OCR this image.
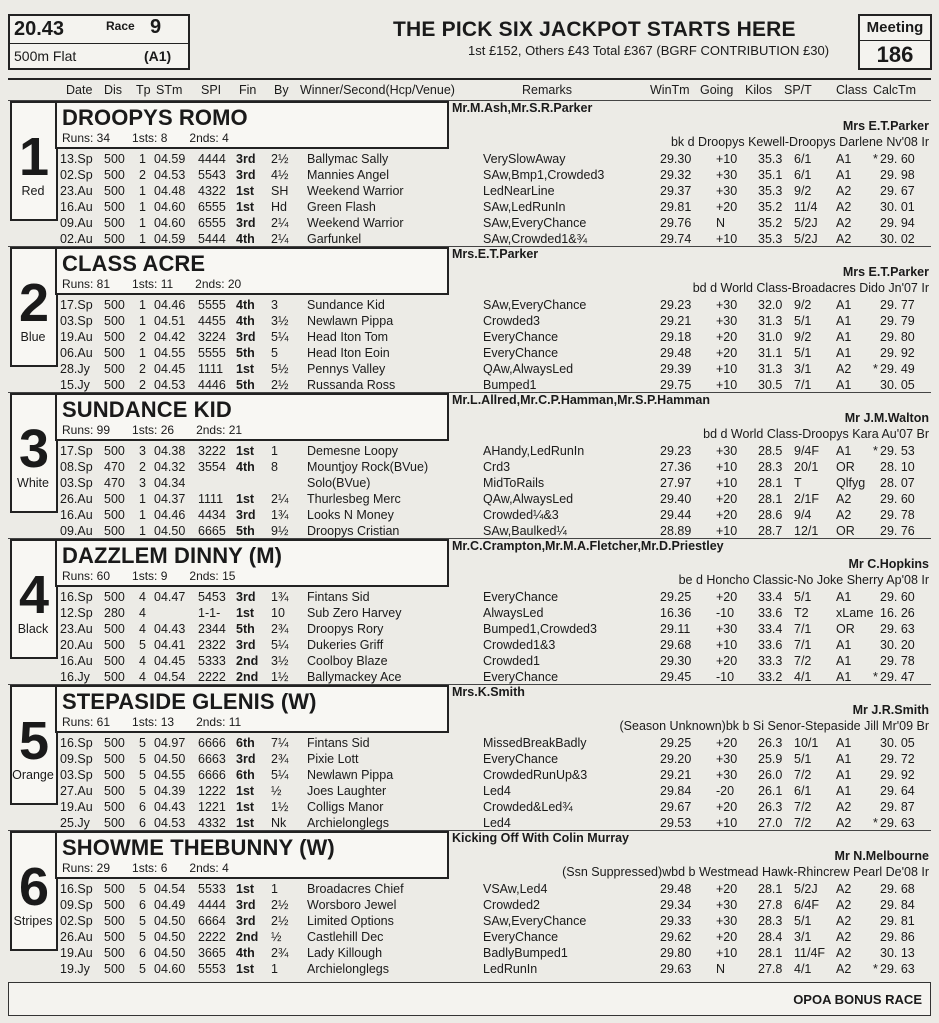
20.43	Race 9
500m Flat	(A1)
THE PICK SIX JACKPOT STARTS HERE
1st £152, Others £43 Total £367 (BGRF CONTRIBUTION £30)
Meeting
186
Date Dis Tp STm SPI Fin By Winner/Second(Hcp/Venue)	Remarks	WinTm Going Kilos SP/T Class CalcTm
1
DROOPYS ROMO
Runs: 34 1sts: 8 2nds: 4
Mr.M.Ash,Mr.S.R.Parker
Mrs E.T.Parker
bk d Droopys Kewell-Droopys Darlene Nv'08 Ir
Red
13.Sp 500 1 04.59 4444 3rd 2½ Ballymac Sally	VerySlowAway	29.30 +10 35.3 6/1 A1 * 29. 60
02.Sp 500 2 04.53 5543 3rd 4½ Mannies Angel	SAw,Bmp1,Crowded3	29.32 +30 35.1 6/1 A1 29. 98
23.Au 500 1 04.48 4322 1st SH Weekend Warrior	LedNearLine	29.37 +30 35.3 9/2 A2 29. 67
16.Au 500 1 04.60 6555 1st Hd Green Flash	SAw,LedRunIn	29.81 +20 35.2 11/4 A2 30. 01
09.Au 500 1 04.60 6555 3rd 2¼ Weekend Warrior	SAw,EveryChance	29.76 N	35.2 5/2J A2 29. 94
02.Au 500 1 04.59 5444 4th 2¼ Garfunkel	SAw,Crowded1&¾	29.74 +10 35.3 5/2J A2 30. 02
2
CLASS ACRE
Runs: 81 1sts: 11 2nds: 20
Mrs.E.T.Parker
Mrs E.T.Parker
bd d World Class-Broadacres Dido Jn'07 Ir
Blue
17.Sp 500 1 04.46 5555 4th 3 Sundance Kid	SAw,EveryChance	29.23 +30 32.0 9/2 A1 29. 77
03.Sp 500 1 04.51 4455 4th 3½ Newlawn Pippa	Crowded3	29.21 +30 31.3 5/1 A1 29. 79
19.Au 500 2 04.42 3224 3rd 5¼ Head Iton Tom	EveryChance	29.18 +20 31.0 9/2 A1 29. 80
06.Au 500 1 04.55 5555 5th 5 Head Iton Eoin	EveryChance	29.48 +20 31.1 5/1 A1 29. 92
28.Jy 500 2 04.45 1111 1st 5½ Pennys Valley	QAw,AlwaysLed	29.39 +10 31.3 3/1 A2 * 29. 49
15.Jy 500 2 04.53 4446 5th 2½ Russanda Ross	Bumped1	29.75 +10 30.5 7/1 A1 30. 05
3
SUNDANCE KID
Runs: 99 1sts: 26 2nds: 21
Mr.L.Allred,Mr.C.P.Hamman,Mr.S.P.Hamman
Mr J.M.Walton
bd d World Class-Droopys Kara Au'07 Br
White
17.Sp 500 3 04.38 3222 1st 1 Demesne Loopy	AHandy,LedRunIn	29.23 +30 28.5 9/4F A1 * 29. 53
08.Sp 470 2 04.32 3554 4th 8 Mountjoy Rock(BVue)	Crd3	27.36 +10 28.3 20/1 OR 28. 10
03.Sp 470 3 04.34	Solo(BVue)	MidToRails	27.97 +10 28.1 T	Qlfyg 28. 07
26.Au 500 1 04.37 1111 1st 2¼ Thurlesbeg Merc	QAw,AlwaysLed	29.40 +20 28.1 2/1F A2 29. 60
16.Au 500 1 04.46 4434 3rd 1¾ Looks N Money	Crowded¼&3	29.44 +20 28.6 9/4 A2 29. 78
09.Au 500 1 04.50 6665 5th 9½ Droopys Cristian	SAw,Baulked¼	28.89 +10 28.7 12/1 OR 29. 76
4
DAZZLEM DINNY (M)
Runs: 60 1sts: 9 2nds: 15
Mr.C.Crampton,Mr.M.A.Fletcher,Mr.D.Priestley
Mr C.Hopkins
be d Honcho Classic-No Joke Sherry Ap'08 Ir
Black
16.Sp 500 4 04.47 5453 3rd 1¾ Fintans Sid	EveryChance	29.25 +20 33.4 5/1 A1 29. 60
12.Sp 280 4	1-1- 1st 10 Sub Zero Harvey	AlwaysLed	16.36 -10 33.6 T2 xLame 16. 26
23.Au 500 4 04.43 2344 5th 2¾ Droopys Rory	Bumped1,Crowded3	29.11 +30 33.4 7/1 OR 29. 63
20.Au 500 5 04.41 2322 3rd 5¼ Dukeries Griff	Crowded1&3	29.68 +10 33.6 7/1 A1 30. 20
16.Au 500 4 04.45 5333 2nd 3½ Coolboy Blaze	Crowded1	29.30 +20 33.3 7/2 A1 29. 78
16.Jy 500 4 04.54 2222 2nd 1½ Ballymackey Ace	EveryChance	29.45 -10 33.2 4/1 A1 * 29. 47
5
STEPASIDE GLENIS (W)
Runs: 61 1sts: 13 2nds: 11
Mrs.K.Smith
Mr J.R.Smith
(Season Unknown)bk b Si Senor-Stepaside Jill Mr'09 Br
Orange
16.Sp 500 5 04.97 6666 6th 7¼ Fintans Sid	MissedBreakBadly	29.25 +20 26.3 10/1 A1 30. 05
09.Sp 500 5 04.50 6663 3rd 2¾ Pixie Lott	EveryChance	29.20 +30 25.9 5/1 A1 29. 72
03.Sp 500 5 04.55 6666 6th 5¼ Newlawn Pippa	CrowdedRunUp&3	29.21 +30 26.0 7/2 A1 29. 92
27.Au 500 5 04.39 1222 1st ½ Joes Laughter	Led4	29.84 -20 26.1 6/1 A1 29. 64
19.Au 500 6 04.43 1221 1st 1½ Colligs Manor	Crowded&Led¾	29.67 +20 26.3 7/2 A2 29. 87
25.Jy 500 6 04.53 4332 1st Nk Archielonglegs	Led4	29.53 +10 27.0 7/2 A2 * 29. 63
6
SHOWME THEBUNNY (W)
Runs: 29 1sts: 6 2nds: 4
Kicking Off With Colin Murray
Mr N.Melbourne
(Ssn Suppressed)wbd b Westmead Hawk-Rhincrew Pearl De'08 Ir
Stripes
16.Sp 500 5 04.54 5533 1st 1 Broadacres Chief	VSAw,Led4	29.48 +20 28.1 5/2J A2 29. 68
09.Sp 500 6 04.49 4444 3rd 2½ Worsboro Jewel	Crowded2	29.34 +30 27.8 6/4F A2 29. 84
02.Sp 500 5 04.50 6664 3rd 2½ Limited Options	SAw,EveryChance	29.33 +30 28.3 5/1 A2 29. 81
26.Au 500 5 04.50 2222 2nd ½ Castlehill Dec	EveryChance	29.62 +20 28.4 3/1 A2 29. 86
19.Au 500 6 04.50 3665 4th 2¾ Lady Killough	BadlyBumped1	29.80 +10 28.1 11/4F A2 30. 13
19.Jy 500 5 04.60 5553 1st 1 Archielonglegs	LedRunIn	29.63 N	27.8 4/1 A2 * 29. 63
OPOA BONUS RACE
